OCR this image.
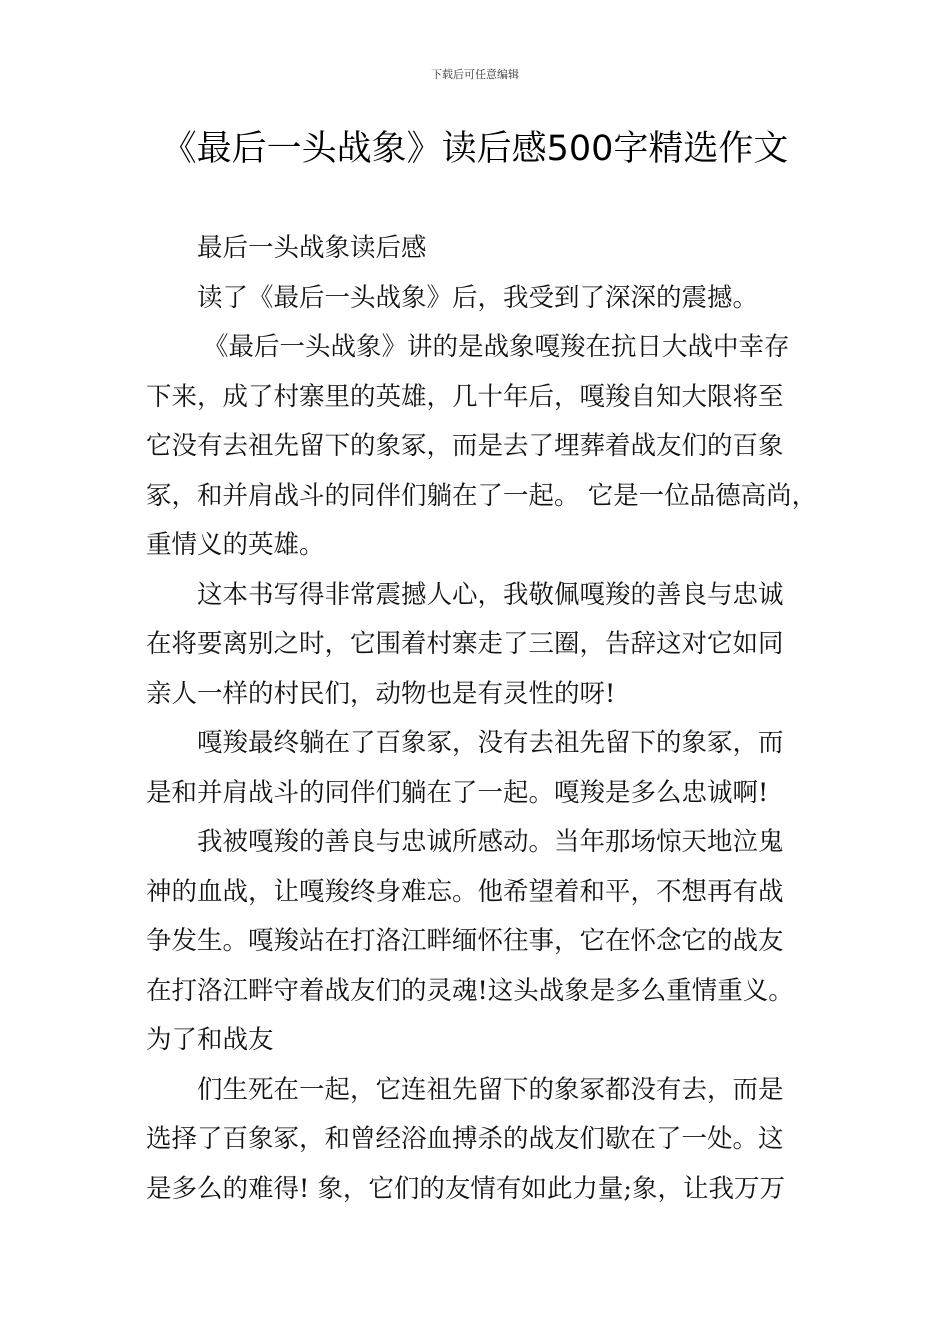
下载后可任意编辑
《最后一头战象》读后感500字精选作文
最后一头战象读后感
读了《最后一头战象》后，我受到了深深的震撼。
《最后一头战象》讲的是战象嘎羧在抗日大战中幸存
下来，成了村寨里的英雄，几十年后，嘎羧自知大限将至
它没有去祖先留下的象冢，而是去了埋葬着战友们的百象
冢，和并肩战斗的同伴们躺在了一起。 它是一位品德高尚，
重情义的英雄。
这本书写得非常震撼人心，我敬佩嘎羧的善良与忠诚
在将要离别之时，它围着村寨走了三圈，告辞这对它如同
亲人一样的村民们，动物也是有灵性的呀!
嘎羧最终躺在了百象冢，没有去祖先留下的象冢，而
是和并肩战斗的同伴们躺在了一起。嘎羧是多么忠诚啊!
我被嘎羧的善良与忠诚所感动。当年那场惊天地泣鬼
神的血战，让嘎羧终身难忘。他希望着和平，不想再有战
争发生。嘎羧站在打洛江畔缅怀往事，它在怀念它的战友
在打洛江畔守着战友们的灵魂!这头战象是多么重情重义。
为了和战友
们生死在一起，它连祖先留下的象冢都没有去，而是
选择了百象冢，和曾经浴血搏杀的战友们歇在了一处。这
是多么的难得! 象，它们的友情有如此力量;象，让我万万
